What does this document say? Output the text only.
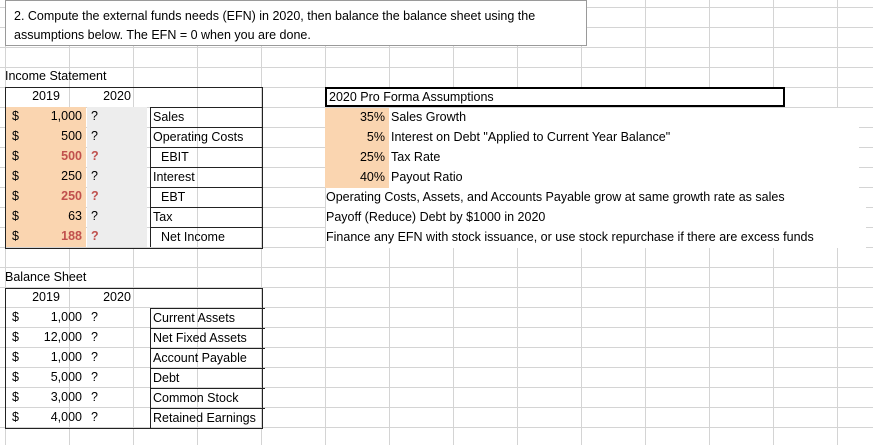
2. Compute the external funds needs (EFN) in 2020, then balance the balance sheet using the
assumptions below. The EFN = 0 when you are done.
Income Statement
2019	2020
Balance Sheet
2019	2020
2020 Pro Forma Assumptions
$	1,000 ?	Sales
$	500 ?	Operating Costs
$	500 ?	EBIT
$	250 ?	Interest
$	250 ?	EBT
$	63 ?	Tax
$	188 ?	Net Income
$	1,000 ?	Current Assets
$	12,000 ?	Net Fixed Assets
$	1,000 ?	Account Payable
$	5,000 ?	Debt
$	3,000 ?	Common Stock
$	4,000 ?	Retained Earnings
35% Sales Growth
5% Interest on Debt "Applied to Current Year Balance"
25% Tax Rate
40% Payout Ratio
Operating Costs, Assets, and Accounts Payable grow at same growth rate as sales
Payoff (Reduce) Debt by $1000 in 2020
Finance any EFN with stock issuance, or use stock repurchase if there are excess funds
